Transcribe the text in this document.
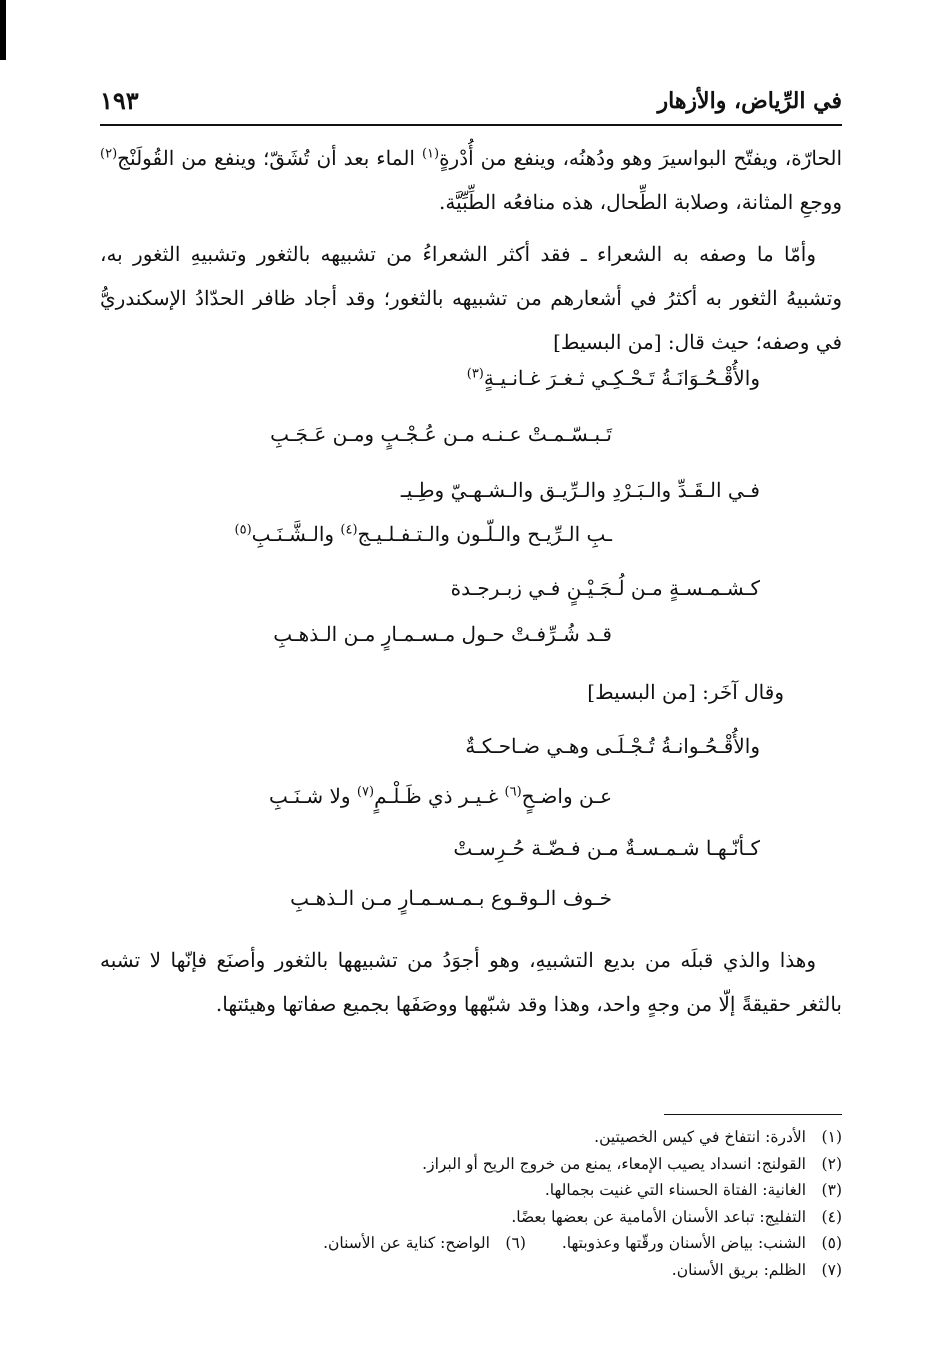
في الرِّياض، والأزهار
١٩٣
الحارّة، ويفتّح البواسيرَ وهو ودُهنُه، وينفع من أُدْرةٍ$^{(١)}$ الماء بعد أن تُشَقّ؛ وينفع من القُولَنْج$^{(٢)}$ ووجعِ المثانة، وصلابة الطِّحال، هذه منافعُه الطِّبِّيَّة.
وأمّا ما وصفه به الشعراء ـ فقد أكثر الشعراءُ من تشبيهه بالثغور وتشبيهِ الثغور به، وتشبيهُ الثغور به أكثرُ في أشعارهم من تشبيهه بالثغور؛ وقد أجاد ظافر الحدّادُ الإسكندريُّ في وصفه؛ حيث قال: [من البسيط]
والأُقْـحُـوَانَـةُ تَـحْـكِـي ثـغـرَ غـانـيـةٍ$^{(٣)}$
تَـبـسّـمـتْ عـنـه مـن عُـجْـبٍ ومـن عَـجَـبِ
فـي الـقَـدِّ والـبَـرْدِ والـرِّيـق والـشـهـيّ وطِـيـ
ـبِ الـرِّيـح والـلّـون والـتـفـلـيـج$^{(٤)}$ والـشَّـنَـبِ$^{(٥)}$
كـشـمـسـةٍ مـن لُـجَـيْـنٍ فـي زبـرجـدة
قـد شُـرِّفـتْ حـول مـسـمـارٍ مـن الـذهـبِ
وقال آخَر: [من البسيط]
والأُقْـحُـوانـةُ تُـجْـلَـى وهـي ضـاحـكـةٌ
عـن واضـحٍ$^{(٦)}$ غـيـر ذي ظَـلْـمٍ$^{(٧)}$ ولا شـنَـبِ
كـأنّـهـا شـمـسـةٌ مـن فـضّـة حُـرِسـتْ
خـوف الـوقـوع بـمـسـمـارٍ مـن الـذهـبِ
وهذا والذي قبلَه من بديع التشبيهِ، وهو أجوَدُ من تشبيهها بالثغور وأصنَع فإنّها لا تشبه بالثغر حقيقةً إلّا من وجهٍ واحد، وهذا وقد شبّهها ووصَفَها بجميع صفاتها وهيئتها.
(١)الأدرة: انتفاخ في كيس الخصيتين.
(٢)القولنج: انسداد يصيب الإمعاء، يمنع من خروج الريح أو البراز.
(٣)الغانية: الفتاة الحسناء التي غنيت بجمالها.
(٤)التفليج: تباعد الأسنان الأمامية عن بعضها بعضًا.
(٥)الشنب: بياض الأسنان ورقّتها وعذوبتها.(٦)الواضح: كناية عن الأسنان.
(٧)الظلم: بريق الأسنان.
